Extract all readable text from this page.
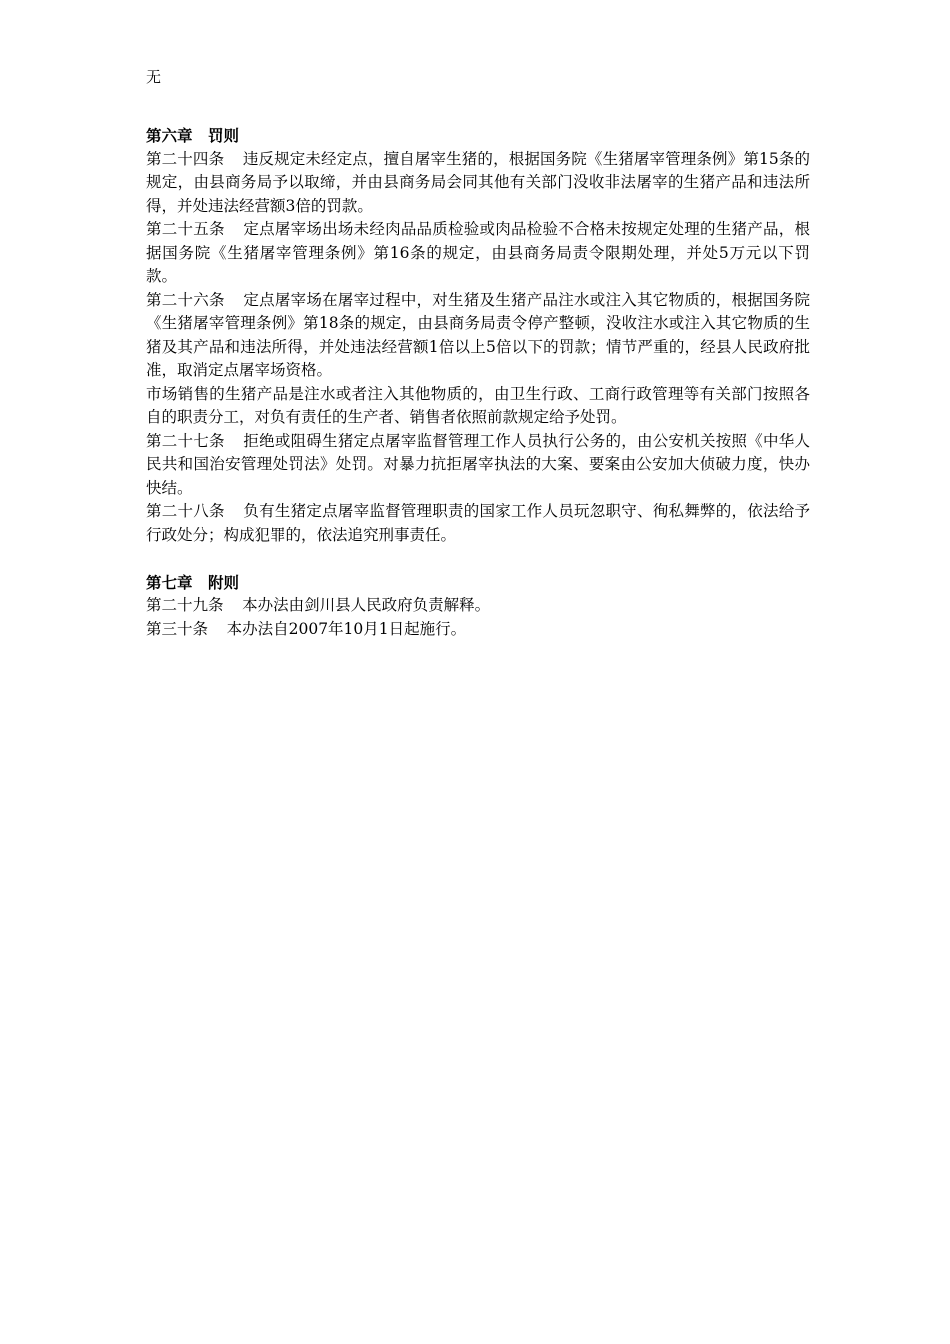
无

第六章　罚则

第二十四条 违反规定未经定点，擅自屠宰生猪的，根据国务院《生猪屠宰管理条例》第15条的规定，由县商务局予以取缔，并由县商务局会同其他有关部门没收非法屠宰的生猪产品和违法所得，并处违法经营额3倍的罚款。

第二十五条 定点屠宰场出场未经肉品品质检验或肉品检验不合格未按规定处理的生猪产品，根据国务院《生猪屠宰管理条例》第16条的规定，由县商务局责令限期处理，并处5万元以下罚款。

第二十六条 定点屠宰场在屠宰过程中，对生猪及生猪产品注水或注入其它物质的，根据国务院《生猪屠宰管理条例》第18条的规定，由县商务局责令停产整顿，没收注水或注入其它物质的生猪及其产品和违法所得，并处违法经营额1倍以上5倍以下的罚款；情节严重的，经县人民政府批准，取消定点屠宰场资格。

市场销售的生猪产品是注水或者注入其他物质的，由卫生行政、工商行政管理等有关部门按照各自的职责分工，对负有责任的生产者、销售者依照前款规定给予处罚。

第二十七条 拒绝或阻碍生猪定点屠宰监督管理工作人员执行公务的，由公安机关按照《中华人民共和国治安管理处罚法》处罚。对暴力抗拒屠宰执法的大案、要案由公安加大侦破力度，快办快结。

第二十八条 负有生猪定点屠宰监督管理职责的国家工作人员玩忽职守、徇私舞弊的，依法给予行政处分；构成犯罪的，依法追究刑事责任。

第七章　附则

第二十九条 本办法由剑川县人民政府负责解释。

第三十条 本办法自2007年10月1日起施行。
